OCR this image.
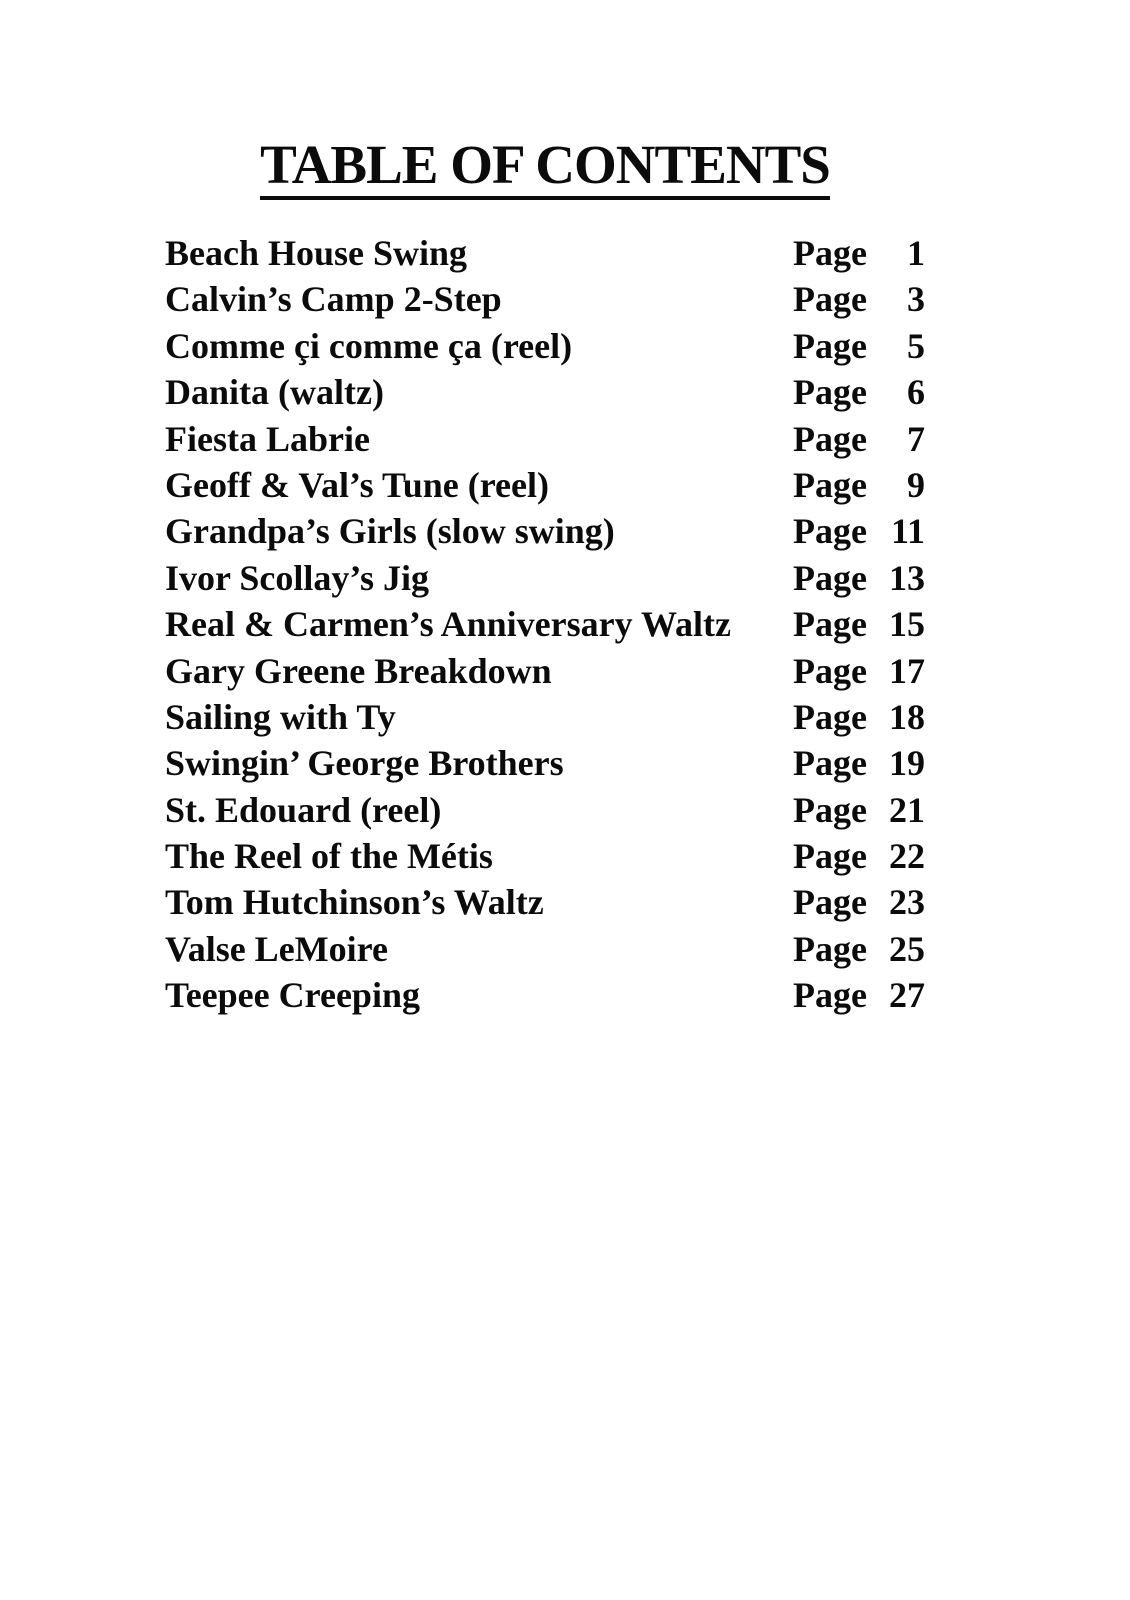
TABLE OF CONTENTS
Beach House Swing	Page	1
Calvin’s Camp 2-Step	Page	3
Comme çi comme ça (reel)	Page	5
Danita (waltz)	Page	6
Fiesta Labrie	Page	7
Geoff & Val’s Tune (reel)	Page	9
Grandpa’s Girls (slow swing)	Page 11
Ivor Scollay’s Jig	Page 13
Real & Carmen’s Anniversary Waltz	Page 15
Gary Greene Breakdown	Page 17
Sailing with Ty	Page 18
Swingin’ George Brothers	Page 19
St. Edouard (reel)	Page 21
The Reel of the Métis	Page 22
Tom Hutchinson’s Waltz	Page 23
Valse LeMoire	Page 25
Teepee Creeping	Page 27
